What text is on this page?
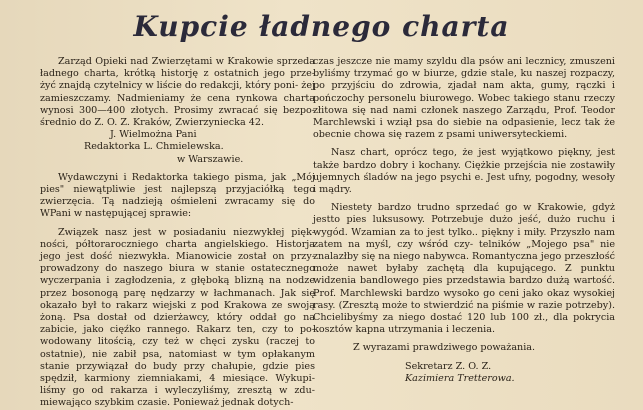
Kupcie ładnego charta

Zarząd Opieki nad Zwierzętami w Krakowie sprzeda ładnego charta, krótką historję z ostatnich jego prze- żyć znajdą czytelnicy w liście do redakcji, który poni- żej zamieszczamy. Nadmieniamy że cena rynkowa charta wynosi 300—400 złotych. Prosimy zwracać się bezpo- średnio do Z. O. Z. Kraków, Zwierzyniecka 42.

J. Wielmożna Pani

Redaktorka L. Chmielewska.

w Warszawie.

Wydawczyni i Redaktorka takiego pisma, jak „Mój pies" niewątpliwie jest najlepszą przyjaciółką tego zwierzęcia. Tą nadzieją ośmieleni zwracamy się do WPani w następującej sprawie:

Związek nasz jest w posiadaniu niezwykłej pięk- ności, półtoraroczniego charta angielskiego. Historja jego jest dość niezwykła. Mianowicie został on przy- prowadzony do naszego biura w stanie ostatecznego wyczerpania i zagłodzenia, z głęboką blizną na nodze przez bosonogą parę nędzarzy w łachmanach. Jak się okazało był to rakarz wiejski z pod Krakowa ze swoją żoną. Psa dostał od dzierżawcy, który oddał go na zabicie, jako cięźko rannego. Rakarz ten, czy to po- wodowany litością, czy też w chęci zysku (raczej to ostatnie), nie zabił psa, natomiast w tym opłakanym stanie przywiązał do budy przy chałupie, gdzie pies spędził, karmiony ziemniakami, 4 miesiące. Wykupi- liśmy go od rakarza i wyleczyliśmy, zresztą w zdu- miewająco szybkim czasie. Ponieważ jednak dotych-

czas jeszcze nie mamy szyldu dla psów ani lecznicy, zmuszeni byliśmy trzymać go w biurze, gdzie stale, ku naszej rozpaczy, po przyjściu do zdrowia, zjadał nam akta, gumy, rączki i pończochy personelu biurowego. Wobec takiego stanu rzeczy złitowa się nad nami członek naszego Zarządu, Prof. Teodor Marchlewski i wziął psa do siebie na odpasienie, lecz tak że obecnie chowa się razem z psami uniwersyteckiemi.

Nasz chart, oprócz tego, że jest wyjątkowo piękny, jest także bardzo dobry i kochany. Ciężkie przejścia nie zostawiły ujemnych śladów na jego psychi e. Jest ufny, pogodny, wesoły i mądry.

Niestety bardzo trudno sprzedać go w Krakowie, gdyż jestto pies luksusowy. Potrzebuje dużo jeść, dużo ruchu i wygód. Wzamian za to jest tylko.. piękny i miły. Przyszło nam zatem na myśl, czy wśród czy- telników „Mojego psa" nie znalazłby się na niego nabywca. Romantyczna jego przeszłość może nawet byłaby zachętą dla kupującego. Z punktu widzenia bandlowego pies przedstawia bardzo dużą wartość. Prof. Marchlewski bardzo wysoko go ceni jako okaz wysokiej rasy. (Zresztą może to stwierdzić na piśmie w razie potrzeby). Chcielibyśmy za niego dostać 120 lub 100 zł., dla pokrycia kosztów kapna utrzymania i leczenia.

Z wyrazami prawdziwego poważania.

Sekretarz Z. O. Z.

Kazimiera Tretterowa.
